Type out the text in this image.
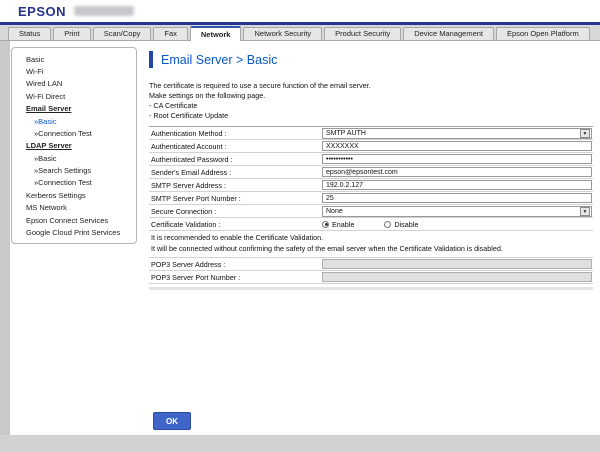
EPSON
Status	Print	Scan/Copy	Fax	Network	Network Security	Product Security	Device Management	Epson Open Platform
Basic
Wi-Fi
Wired LAN
Wi-Fi Direct
Email Server
»Basic
»Connection Test
LDAP Server
»Basic
»Search Settings
»Connection Test
Kerberos Settings
MS Network
Epson Connect Services
Google Cloud Print Services
Email Server > Basic
The certificate is required to use a secure function of the email server.
Make settings on the following page.
- CA Certificate
- Root Certificate Update
Authentication Method :	SMTP AUTH	▼
Authenticated Account :
XXXXXXX
Authenticated Password :
•••••••••••
Sender's Email Address :
epson@epsontest.com
SMTP Server Address :
192.0.2.127
SMTP Server Port Number :
25
Secure Connection :	None	▼
Certificate Validation :	Enable	Disable
It is recommended to enable the Certificate Validation.
It will be connected without confirming the safety of the email server when the Certificate Validation is disabled.
POP3 Server Address :
POP3 Server Port Number :
OK
